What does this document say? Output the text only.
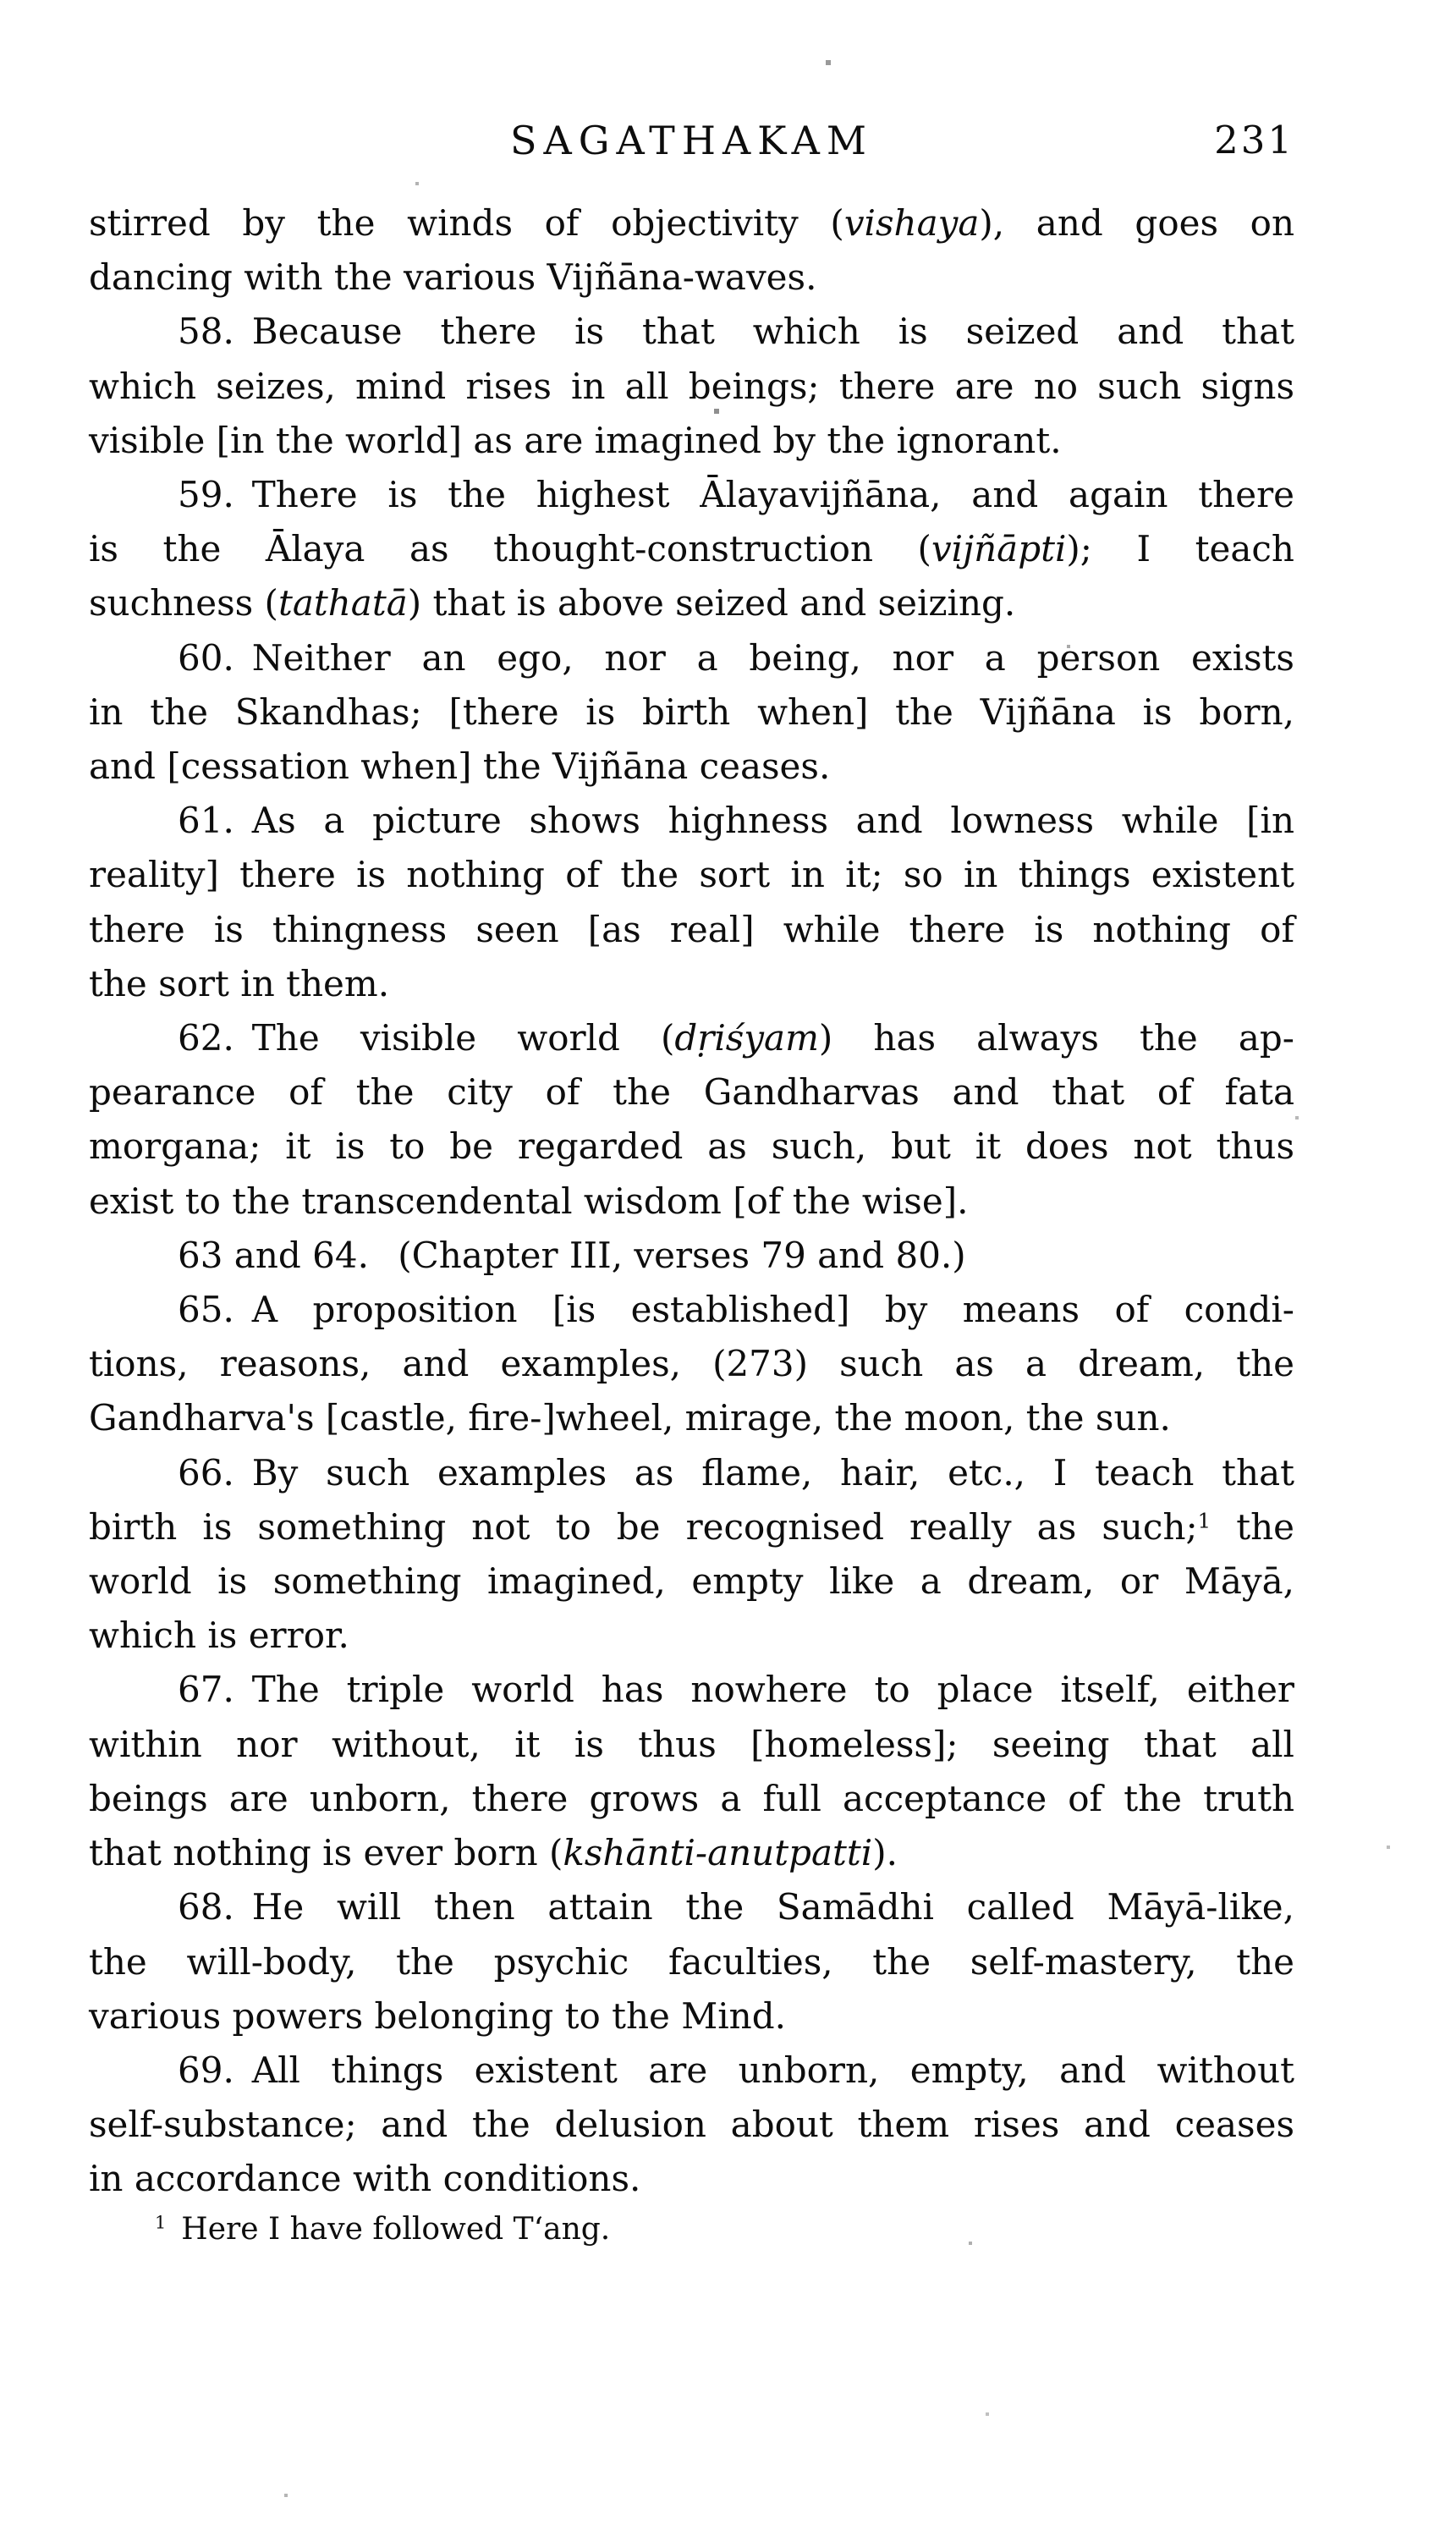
SAGATHAKAM	231
stirred by the winds of objectivity (vishaya), and goes on
dancing with the various Vijñāna-waves.
58. Because there is that which is seized and that
which seizes, mind rises in all beings; there are no such signs
visible [in the world] as are imagined by the ignorant.
59. There is the highest Ālayavijñāna, and again there
is the Ālaya as thought-construction (vijñāpti); I teach
suchness (tathatā) that is above seized and seizing.
60. Neither an ego, nor a being, nor a person exists
in the Skandhas; [there is birth when] the Vijñāna is born,
and [cessation when] the Vijñāna ceases.
61. As a picture shows highness and lowness while [in
reality] there is nothing of the sort in it; so in things existent
there is thingness seen [as real] while there is nothing of
the sort in them.
62. The visible world (dṛiśyam) has always the ap-
pearance of the city of the Gandharvas and that of fata
morgana; it is to be regarded as such, but it does not thus
exist to the transcendental wisdom [of the wise].
63 and 64.  (Chapter III, verses 79 and 80.)
65. A proposition [is established] by means of condi-
tions, reasons, and examples, (273) such as a dream, the
Gandharva's [castle, fire-]wheel, mirage, the moon, the sun.
66. By such examples as flame, hair, etc., I teach that
birth is something not to be recognised really as such;$^1$ the
world is something imagined, empty like a dream, or Māyā,
which is error.
67. The triple world has nowhere to place itself, either
within nor without, it is thus [homeless]; seeing that all
beings are unborn, there grows a full acceptance of the truth
that nothing is ever born (kshānti-anutpatti).
68. He will then attain the Samādhi called Māyā-like,
the will-body, the psychic faculties, the self-mastery, the
various powers belonging to the Mind.
69. All things existent are unborn, empty, and without
self-substance; and the delusion about them rises and ceases
in accordance with conditions.
$^1$ Here I have followed T‘ang.
